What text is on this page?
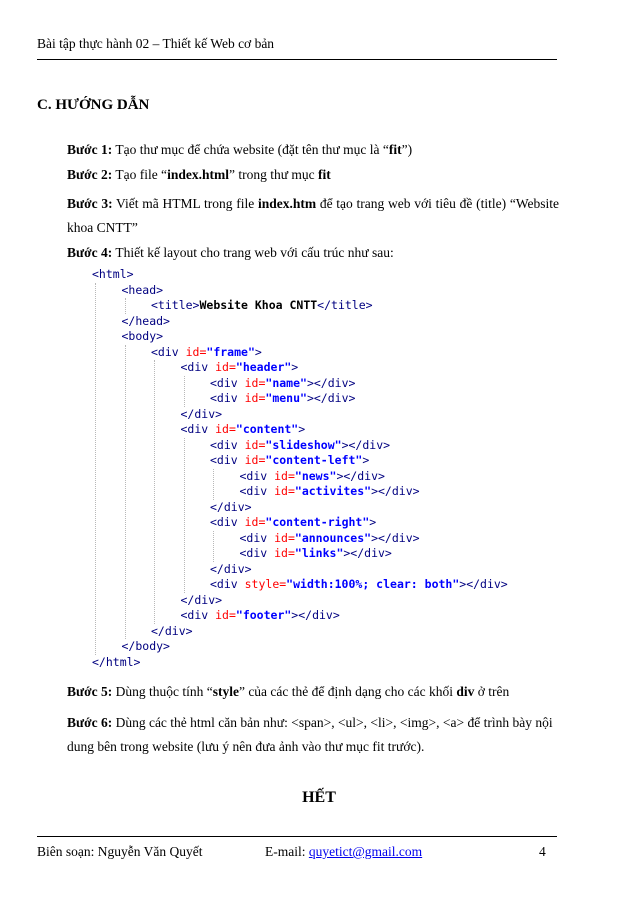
Bài tập thực hành 02 – Thiết kế Web cơ bản
C. HƯỚNG DẪN
Bước 1: Tạo thư mục để chứa website (đặt tên thư mục là “fit”)
Bước 2: Tạo file “index.html” trong thư mục fit
Bước 3: Viết mã HTML trong file index.htm để tạo trang web với tiêu đề (title) “Website khoa CNTT”
Bước 4: Thiết kế layout cho trang web với cấu trúc như sau:
<html>
<head>
<title>Website Khoa CNTT</title>
</head>
<body>
<div id="frame">
<div id="header">
<div id="name"></div>
<div id="menu"></div>
</div>
<div id="content">
<div id="slideshow"></div>
<div id="content-left">
<div id="news"></div>
<div id="activites"></div>
</div>
<div id="content-right">
<div id="announces"></div>
<div id="links"></div>
</div>
<div style="width:100%; clear: both"></div>
</div>
<div id="footer"></div>
</div>
</body>
</html>
Bước 5: Dùng thuộc tính “style” của các thẻ để định dạng cho các khối div ở trên
Bước 6: Dùng các thẻ html căn bản như: <span>, <ul>, <li>, <img>, <a> để trình bày nội dung bên trong website (lưu ý nên đưa ảnh vào thư mục fit trước).
HẾT
Biên soạn: Nguyễn Văn Quyết	E-mail: quyetict@gmail.com	4
